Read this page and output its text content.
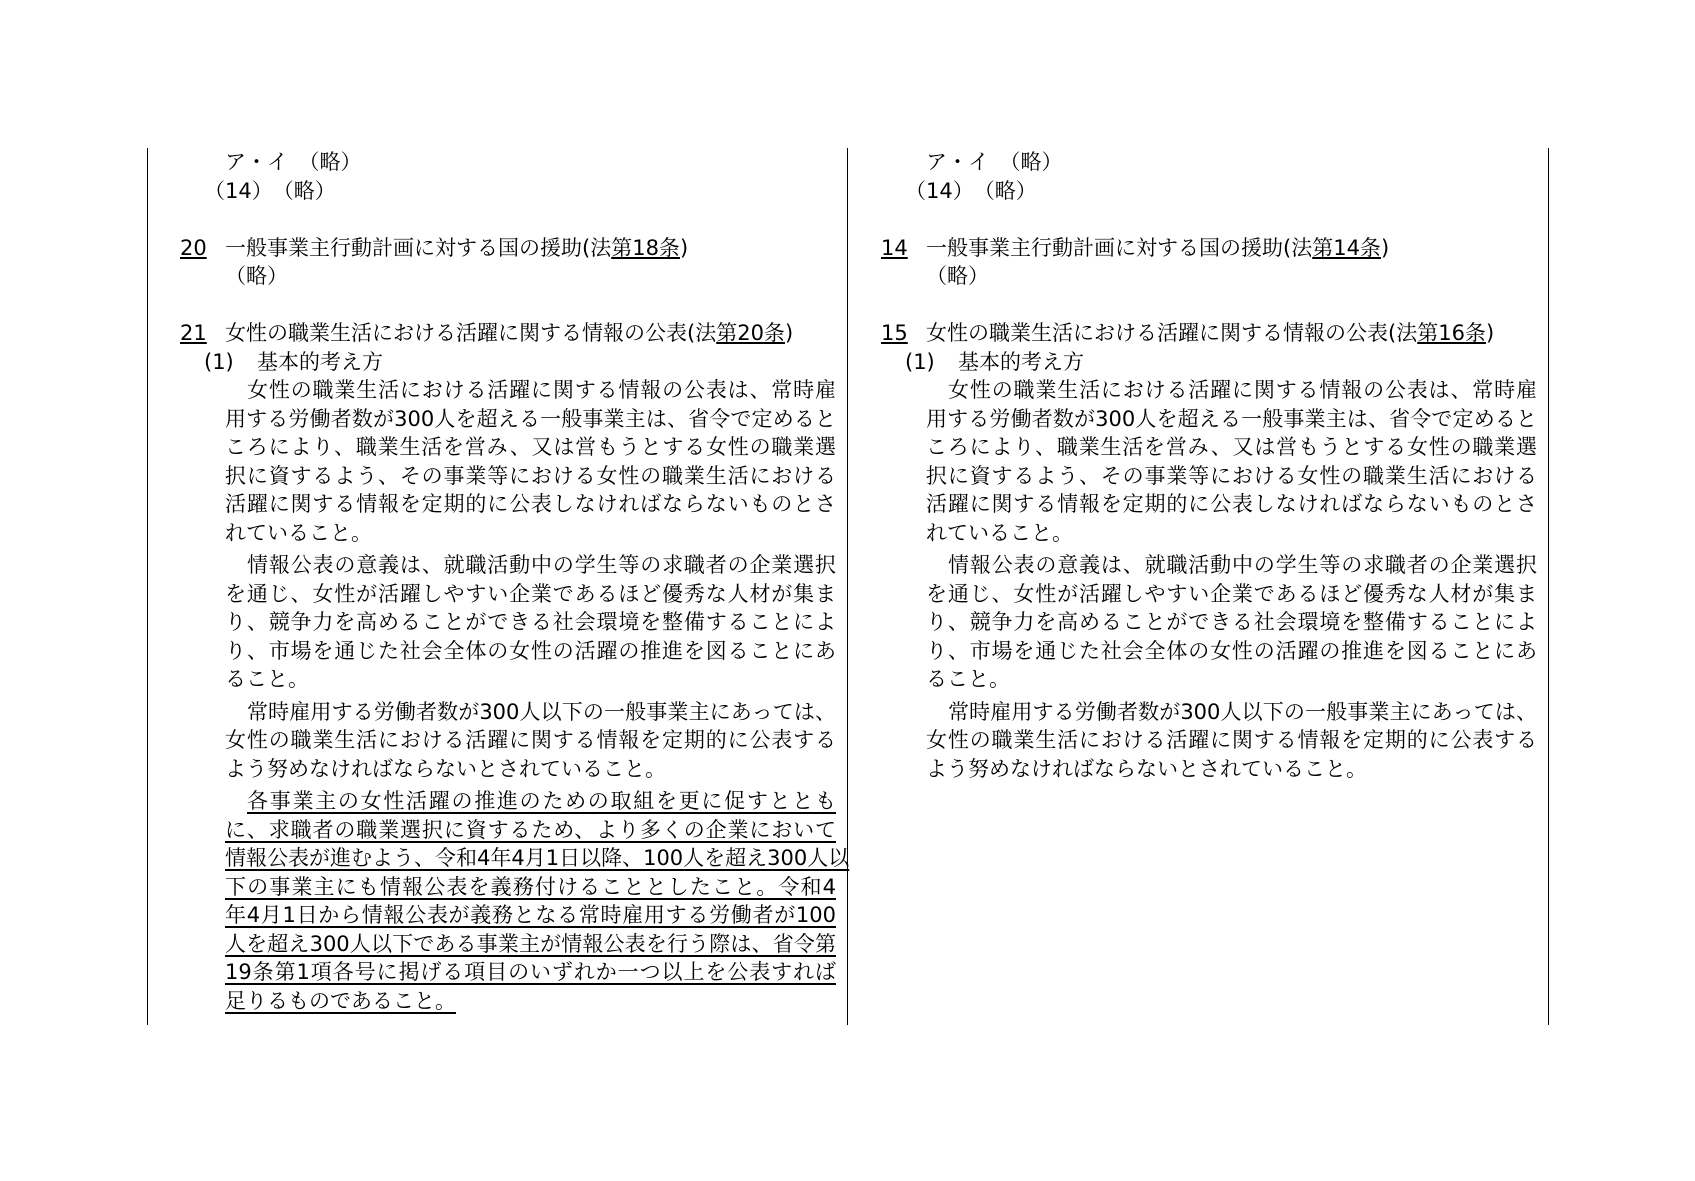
ア・イ　（略）
（14）　（略）
20 一般事業主行動計画に対する国の援助(法第18条)
（略）
21 女性の職業生活における活躍に関する情報の公表(法第20条)
(1) 基本的考え方
女性の職業生活における活躍に関する情報の公表は、常時雇
用する労働者数が300人を超える一般事業主は、省令で定めると
ころにより、職業生活を営み、又は営もうとする女性の職業選
択に資するよう、その事業等における女性の職業生活における
活躍に関する情報を定期的に公表しなければならないものとさ
れていること。
情報公表の意義は、就職活動中の学生等の求職者の企業選択
を通じ、女性が活躍しやすい企業であるほど優秀な人材が集ま
り、競争力を高めることができる社会環境を整備することによ
り、市場を通じた社会全体の女性の活躍の推進を図ることにあ
ること。
常時雇用する労働者数が300人以下の一般事業主にあっては、
女性の職業生活における活躍に関する情報を定期的に公表する
よう努めなければならないとされていること。
各事業主の女性活躍の推進のための取組を更に促すととも
に、求職者の職業選択に資するため、より多くの企業において
情報公表が進むよう、令和4年4月1日以降、100人を超え300人以
下の事業主にも情報公表を義務付けることとしたこと。令和4
年4月1日から情報公表が義務となる常時雇用する労働者が100
人を超え300人以下である事業主が情報公表を行う際は、省令第
19条第1項各号に掲げる項目のいずれか一つ以上を公表すれば
足りるものであること。
ア・イ　（略）
（14）　（略）
14 一般事業主行動計画に対する国の援助(法第14条)
（略）
15 女性の職業生活における活躍に関する情報の公表(法第16条)
(1) 基本的考え方
女性の職業生活における活躍に関する情報の公表は、常時雇
用する労働者数が300人を超える一般事業主は、省令で定めると
ころにより、職業生活を営み、又は営もうとする女性の職業選
択に資するよう、その事業等における女性の職業生活における
活躍に関する情報を定期的に公表しなければならないものとさ
れていること。
情報公表の意義は、就職活動中の学生等の求職者の企業選択
を通じ、女性が活躍しやすい企業であるほど優秀な人材が集ま
り、競争力を高めることができる社会環境を整備することによ
り、市場を通じた社会全体の女性の活躍の推進を図ることにあ
ること。
常時雇用する労働者数が300人以下の一般事業主にあっては、
女性の職業生活における活躍に関する情報を定期的に公表する
よう努めなければならないとされていること。
